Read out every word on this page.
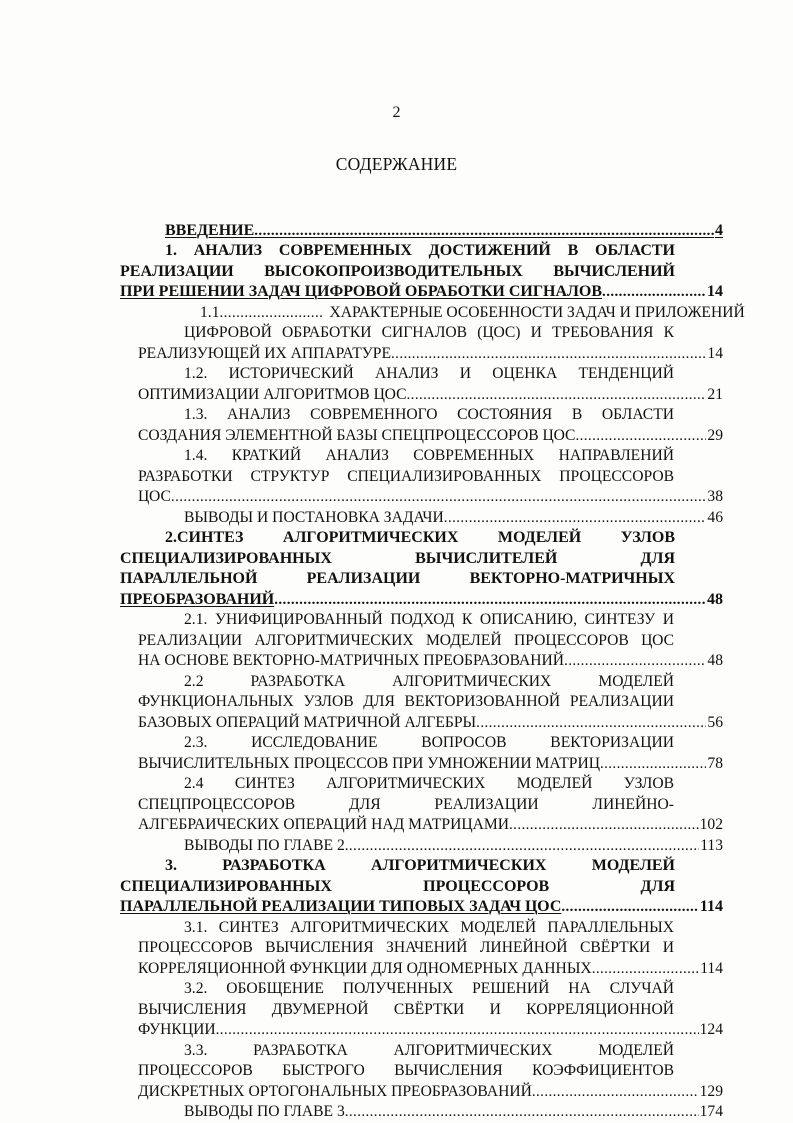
2
СОДЕРЖАНИЕ
ВВЕДЕНИЕ .....	4
1. АНАЛИЗ СОВРЕМЕННЫХ ДОСТИЖЕНИЙ В ОБЛАСТИ
РЕАЛИЗАЦИИ ВЫСОКОПРОИЗВОДИТЕЛЬНЫХ ВЫЧИСЛЕНИЙ
ПРИ РЕШЕНИИ ЗАДАЧ ЦИФРОВОЙ ОБРАБОТКИ СИГНАЛОВ .....	14
1.1 .....	ХАРАКТЕРНЫЕ ОСОБЕННОСТИ ЗАДАЧ И ПРИЛОЖЕНИЙ
ЦИФРОВОЙ ОБРАБОТКИ СИГНАЛОВ (ЦОС) И ТРЕБОВАНИЯ К
РЕАЛИЗУЮЩЕЙ ИХ АППАРАТУРЕ .....	14
1.2. ИСТОРИЧЕСКИЙ АНАЛИЗ И ОЦЕНКА ТЕНДЕНЦИЙ
ОПТИМИЗАЦИИ АЛГОРИТМОВ ЦОС .....	21
1.3. АНАЛИЗ СОВРЕМЕННОГО СОСТОЯНИЯ В ОБЛАСТИ
СОЗДАНИЯ ЭЛЕМЕНТНОЙ БАЗЫ СПЕЦПРОЦЕССОРОВ ЦОС .....	29
1.4. КРАТКИЙ АНАЛИЗ СОВРЕМЕННЫХ НАПРАВЛЕНИЙ
РАЗРАБОТКИ СТРУКТУР СПЕЦИАЛИЗИРОВАННЫХ ПРОЦЕССОРОВ
ЦОС .....	38
ВЫВОДЫ И ПОСТАНОВКА ЗАДАЧИ .....	46
2.СИНТЕЗ АЛГОРИТМИЧЕСКИХ МОДЕЛЕЙ УЗЛОВ
СПЕЦИАЛИЗИРОВАННЫХ ВЫЧИСЛИТЕЛЕЙ ДЛЯ
ПАРАЛЛЕЛЬНОЙ РЕАЛИЗАЦИИ ВЕКТОРНО-МАТРИЧНЫХ
ПРЕОБРАЗОВАНИЙ .....	48
2.1. УНИФИЦИРОВАННЫЙ ПОДХОД К ОПИСАНИЮ, СИНТЕЗУ И
РЕАЛИЗАЦИИ АЛГОРИТМИЧЕСКИХ МОДЕЛЕЙ ПРОЦЕССОРОВ ЦОС
НА ОСНОВЕ ВЕКТОРНО-МАТРИЧНЫХ ПРЕОБРАЗОВАНИЙ .....	48
2.2 РАЗРАБОТКА АЛГОРИТМИЧЕСКИХ МОДЕЛЕЙ
ФУНКЦИОНАЛЬНЫХ УЗЛОВ ДЛЯ ВЕКТОРИЗОВАННОЙ РЕАЛИЗАЦИИ
БАЗОВЫХ ОПЕРАЦИЙ МАТРИЧНОЙ АЛГЕБРЫ .....	56
2.3. ИССЛЕДОВАНИЕ ВОПРОСОВ ВЕКТОРИЗАЦИИ
ВЫЧИСЛИТЕЛЬНЫХ ПРОЦЕССОВ ПРИ УМНОЖЕНИИ МАТРИЦ .....	78
2.4 СИНТЕЗ АЛГОРИТМИЧЕСКИХ МОДЕЛЕЙ УЗЛОВ
СПЕЦПРОЦЕССОРОВ ДЛЯ РЕАЛИЗАЦИИ ЛИНЕЙНО-
АЛГЕБРАИЧЕСКИХ ОПЕРАЦИЙ НАД МАТРИЦАМИ .....	102
ВЫВОДЫ ПО ГЛАВЕ 2 .....	113
3. РАЗРАБОТКА АЛГОРИТМИЧЕСКИХ МОДЕЛЕЙ
СПЕЦИАЛИЗИРОВАННЫХ ПРОЦЕССОРОВ ДЛЯ
ПАРАЛЛЕЛЬНОЙ РЕАЛИЗАЦИИ ТИПОВЫХ ЗАДАЧ ЦОС .....	114
3.1. СИНТЕЗ АЛГОРИТМИЧЕСКИХ МОДЕЛЕЙ ПАРАЛЛЕЛЬНЫХ
ПРОЦЕССОРОВ ВЫЧИСЛЕНИЯ ЗНАЧЕНИЙ ЛИНЕЙНОЙ СВЁРТКИ И
КОРРЕЛЯЦИОННОЙ ФУНКЦИИ ДЛЯ ОДНОМЕРНЫХ ДАННЫХ .....	114
3.2. ОБОБЩЕНИЕ ПОЛУЧЕННЫХ РЕШЕНИЙ НА СЛУЧАЙ
ВЫЧИСЛЕНИЯ ДВУМЕРНОЙ СВЁРТКИ И КОРРЕЛЯЦИОННОЙ
ФУНКЦИИ .....	124
3.3. РАЗРАБОТКА АЛГОРИТМИЧЕСКИХ МОДЕЛЕЙ
ПРОЦЕССОРОВ БЫСТРОГО ВЫЧИСЛЕНИЯ КОЭФФИЦИЕНТОВ
ДИСКРЕТНЫХ ОРТОГОНАЛЬНЫХ ПРЕОБРАЗОВАНИЙ .....	129
ВЫВОДЫ ПО ГЛАВЕ 3 .....	174
